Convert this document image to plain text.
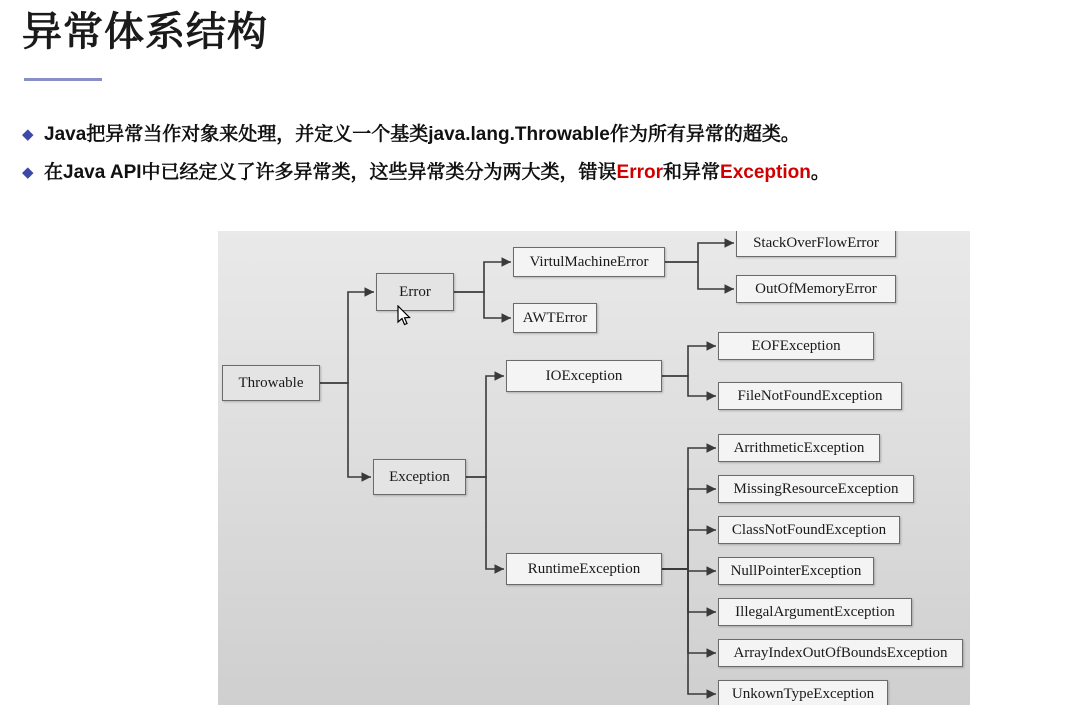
异常体系结构
◆ Java把异常当作对象来处理，并定义一个基类java.lang.Throwable作为所有异常的超类。
◆ 在Java API中已经定义了许多异常类，这些异常类分为两大类，错误Error和异常Exception。
Throwable
Error
Exception
VirtulMachineError
AWTError
IOException
RuntimeException
StackOverFlowError
OutOfMemoryError
EOFException
FileNotFoundException
ArrithmeticException
MissingResourceException
ClassNotFoundException
NullPointerException
IllegalArgumentException
ArrayIndexOutOfBoundsException
UnkownTypeException
